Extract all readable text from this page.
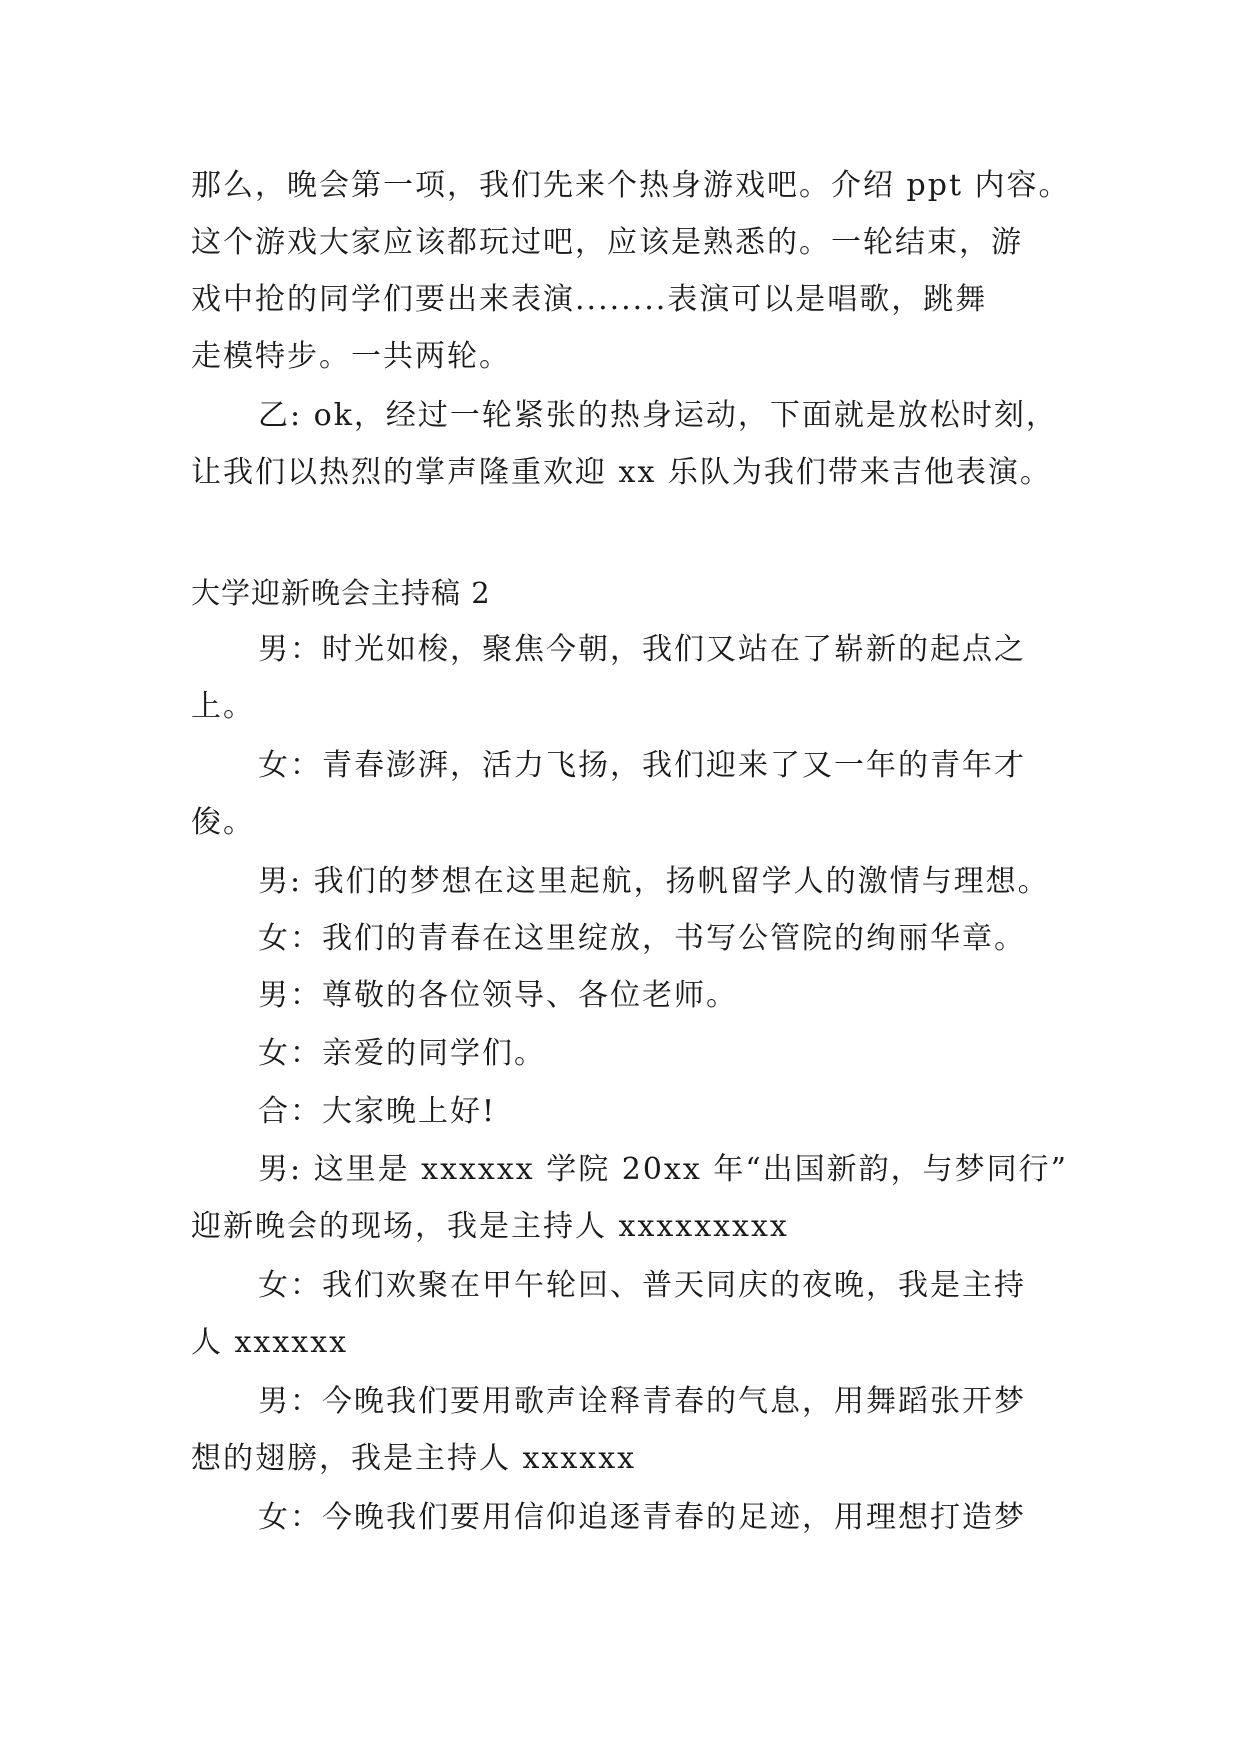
那么，晚会第一项，我们先来个热身游戏吧。介绍 ppt 内容。
这个游戏大家应该都玩过吧，应该是熟悉的。一轮结束，游
戏中抢的同学们要出来表演........表演可以是唱歌，跳舞
走模特步。一共两轮。
乙: ok，经过一轮紧张的热身运动，下面就是放松时刻，
让我们以热烈的掌声隆重欢迎 xx 乐队为我们带来吉他表演。
大学迎新晚会主持稿 2
男：时光如梭，聚焦今朝，我们又站在了崭新的起点之
上。
女：青春澎湃，活力飞扬，我们迎来了又一年的青年才
俊。
男: 我们的梦想在这里起航，扬帆留学人的激情与理想。
女：我们的青春在这里绽放，书写公管院的绚丽华章。
男：尊敬的各位领导、各位老师。
女：亲爱的同学们。
合：大家晚上好!
男: 这里是 xxxxxx 学院 20xx 年“出国新韵，与梦同行”
迎新晚会的现场，我是主持人 xxxxxxxxx
女：我们欢聚在甲午轮回、普天同庆的夜晚，我是主持
人 xxxxxx
男：今晚我们要用歌声诠释青春的气息，用舞蹈张开梦
想的翅膀，我是主持人 xxxxxx
女：今晚我们要用信仰追逐青春的足迹，用理想打造梦
